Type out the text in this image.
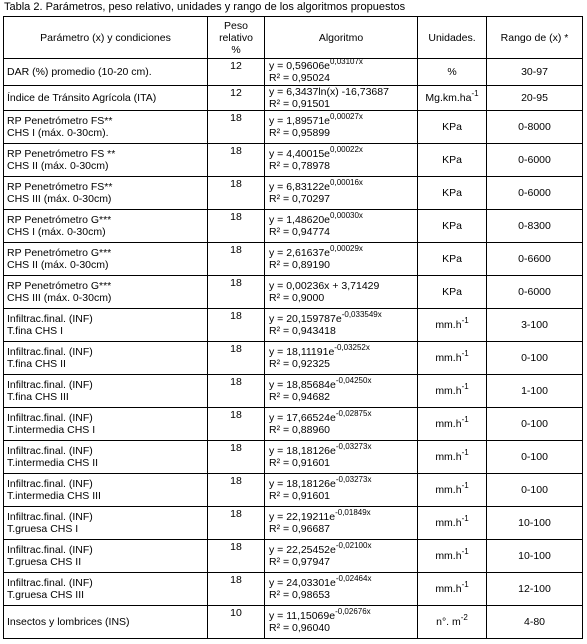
Tabla 2. Parámetros, peso relativo, unidades y rango de los algoritmos propuestos
Parámetro (x) y condiciones	Peso
relativo
%	Algoritmo	Unidades.	Rango de (x) *

DAR (%) promedio (10-20 cm).	12	$y = 0,59606e^{0,03107x}$
R² = 0,95024	%	30-97

Índice de Tránsito Agrícola (ITA)	12	y = 6,3437ln(x) -16,73687
R² = 0,91501	$Mg.km.ha^{-1}$	20-95

RP Penetrómetro FS**
CHS I (máx. 0-30cm).	18	$y = 1,89571e^{0,00027x}$
R² = 0,95899	KPa	0-8000

RP Penetrómetro FS **
CHS II (máx. 0-30cm)	18	$y = 4,40015e^{0,00022x}$
R² = 0,78978	KPa	0-6000

RP Penetrómetro FS**
CHS III (máx. 0-30cm)	18	$y = 6,83122e^{0,00016x}$
R² = 0,70297	KPa	0-6000

RP Penetrómetro G***
CHS I (máx. 0-30cm)	18	$y = 1,48620e^{0,00030x}$
R² = 0,94774	KPa	0-8300

RP Penetrómetro G***
CHS II (máx. 0-30cm)	18	$y = 2,61637e^{0,00029x}$
R² = 0,89190	KPa	0-6600

RP Penetrómetro G***
CHS III (máx. 0-30cm)	18	y = 0,00236x + 3,71429
R² = 0,9000	KPa	0-6000

Infiltrac.final. (INF)
T.fina CHS I	18	$y = 20,159787e^{-0,033549x}$
R² = 0,943418	$mm.h^{-1}$	3-100

Infiltrac.final. (INF)
T.fina CHS II	18	$y = 18,11191e^{-0,03252x}$
R² = 0,92325	$mm.h^{-1}$	0-100

Infiltrac.final. (INF)
T.fina CHS III	18	$y = 18,85684e^{-0,04250x}$
R² = 0,94682	$mm.h^{-1}$	1-100

Infiltrac.final. (INF)
T.intermedia CHS I	18	$y = 17,66524e^{-0,02875x}$
R² = 0,88960	$mm.h^{-1}$	0-100

Infiltrac.final. (INF)
T.intermedia CHS II	18	$y = 18,18126e^{-0,03273x}$
R² = 0,91601	$mm.h^{-1}$	0-100

Infiltrac.final. (INF)
T.intermedia CHS III	18	$y = 18,18126e^{-0,03273x}$
R² = 0,91601	$mm.h^{-1}$	0-100

Infiltrac.final. (INF)
T.gruesa CHS I	18	$y = 22,19211e^{-0,01849x}$
R² = 0,96687	$mm.h^{-1}$	10-100

Infiltrac.final. (INF)
T.gruesa CHS II	18	$y = 22,25452e^{-0,02100x}$
R² = 0,97947	$mm.h^{-1}$	10-100

Infiltrac.final. (INF)
T.gruesa CHS III	18	$y = 24,03301e^{-0,02464x}$
R² = 0,98653	$mm.h^{-1}$	12-100

Insectos y lombrices (INS)	10	$y = 11,15069e^{-0,02676x}$
R² = 0,96040	n°. $m^{-2}$	4-80
